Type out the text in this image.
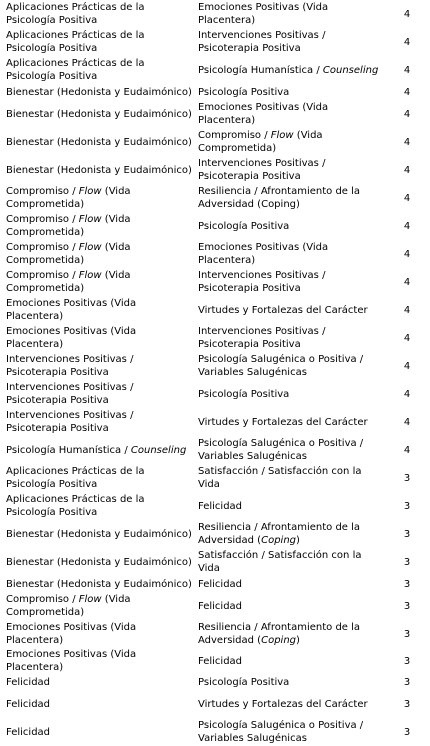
Aplicaciones Prácticas de la Psicología Positiva	Emociones Positivas (Vida Placentera)	4
Aplicaciones Prácticas de la Psicología Positiva	Intervenciones Positivas / Psicoterapia Positiva	4
Aplicaciones Prácticas de la Psicología Positiva	Psicología Humanística / Counseling	4
Bienestar (Hedonista y Eudaimónico)	Psicología Positiva	4
Bienestar (Hedonista y Eudaimónico)	Emociones Positivas (Vida Placentera)	4
Bienestar (Hedonista y Eudaimónico)	Compromiso / Flow (Vida Comprometida)	4
Bienestar (Hedonista y Eudaimónico)	Intervenciones Positivas / Psicoterapia Positiva	4
Compromiso / Flow (Vida Comprometida)	Resiliencia / Afrontamiento de la Adversidad (Coping)	4
Compromiso / Flow (Vida Comprometida)	Psicología Positiva	4
Compromiso / Flow (Vida Comprometida)	Emociones Positivas (Vida Placentera)	4
Compromiso / Flow (Vida Comprometida)	Intervenciones Positivas / Psicoterapia Positiva	4
Emociones Positivas (Vida Placentera)	Virtudes y Fortalezas del Carácter	4
Emociones Positivas (Vida Placentera)	Intervenciones Positivas / Psicoterapia Positiva	4
Intervenciones Positivas / Psicoterapia Positiva	Psicología Salugénica o Positiva / Variables Salugénicas	4
Intervenciones Positivas / Psicoterapia Positiva	Psicología Positiva	4
Intervenciones Positivas / Psicoterapia Positiva	Virtudes y Fortalezas del Carácter	4
Psicología Humanística / Counseling	Psicología Salugénica o Positiva / Variables Salugénicas	4
Aplicaciones Prácticas de la Psicología Positiva	Satisfacción / Satisfacción con la Vida	3
Aplicaciones Prácticas de la Psicología Positiva	Felicidad	3
Bienestar (Hedonista y Eudaimónico)	Resiliencia / Afrontamiento de la Adversidad (Coping)	3
Bienestar (Hedonista y Eudaimónico)	Satisfacción / Satisfacción con la Vida	3
Bienestar (Hedonista y Eudaimónico)	Felicidad	3
Compromiso / Flow (Vida Comprometida)	Felicidad	3
Emociones Positivas (Vida Placentera)	Resiliencia / Afrontamiento de la Adversidad (Coping)	3
Emociones Positivas (Vida Placentera)	Felicidad	3
Felicidad	Psicología Positiva	3
Felicidad	Virtudes y Fortalezas del Carácter	3
Felicidad	Psicología Salugénica o Positiva / Variables Salugénicas	3
